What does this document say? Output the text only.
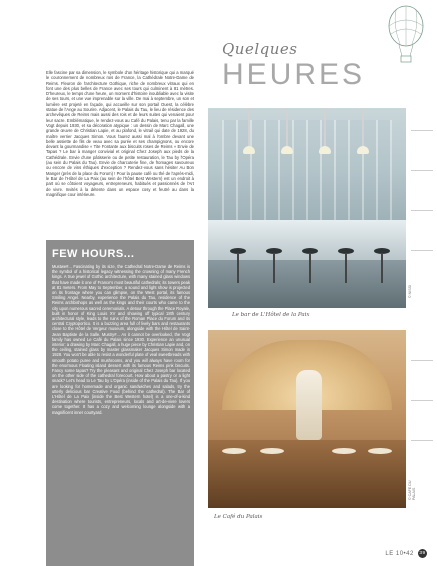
Quelques
HEURES
Elle fascine par sa dimension, le symbole d'un héritage historique qui a marqué le couronnement de nombreux rois de France, la Cathédrale Notre-Dame de Reims. Fleuron de l'architecture Gothique, riche de nombreux vitraux qui en font une des plus belles de France avec ses tours qui culminent à 81 mètres. D'heureux, le temps d'une heure, un moment d'histoire inoubliable avec la visite de ses tours, et une vue imprenable sur la ville. De mai à septembre, un son et lumière est projeté en façade, qui accueille sur son portail Ouest, la célèbre statue de l'Ange au Sourire. Adjacent, le Palais du Tau, le lieu de résidence des archevêques de Reims mais aussi des rois et de leurs suites qui venaient pour leur sacre. Emblématique, le rendez-vous au Café du Palais, tenu par la famille Vogt depuis 1930, et sa décoration atypique : un dessin de Marc Chagall, une grande œuvre de Christian Lapie, et au plafond, le vitrail qui date de 1928, du maître verrier Jacques Simon. Vous l'aurez aussi mal à l'ombre devant une belle assiette de fils de veau avec sa purée et ses champignons, ou encore devant la gourmandise « Tite Fontante aux biscuits roses de Reims » Envie de Tapas ? Le bar à manger convivial et original Chez Joseph aux pieds de la Cathédrale. Envie d'une pâtisserie ou de petite restauration, le Tau by l'Opéra (au sein du Palais du Tau). Envie de charcuterie fine, de fromages savoureux ou encore de vins éthiques d'exception ? Rendez-vous sans hésiter Au Bon Manger (près de la place du Forum) ! Pour la pause café ou thé de l'après-midi, le Bar de l'Hôtel de La Paix (au sein de l'hôtel Best Western) est un endroit à part où se côtoient voyageurs, entrepreneurs, habitués et passionnés de l'Art de vivre. Invités à la détente dans un espace cosy et feutré au dans la magnifique cour intérieure.
FEW HOURS...
Mustwe#... Fascinating by its size, the Cathedral Notre-Dame de Reims is the symbol of a historical legacy witnessing the crowning of many French kings. A true jewel of Gothic architecture, with many stained glass windows that have made it one of France's most beautiful cathedrals; its towers peak at 81 meters. From May to September, a sound and light show is projected on its frontage where you can glimpse, on the West portal, its famous Smiling Angel. Nearby, experience the Palais du Tau, residence of the Reims archbishops as well as the kings and their courts who came to the city upon numerous sacred ceremonials. A detour through the Place Royale, built in honor of King Louis XV and showing off typical 18th century architectural style, leads to the ruins of the Roman Place du Forum and its central Cryptoportico. It is a buzzing area full of lively bars and restaurants close to the Hôtel de Vergeur museum, alongside with the Hôtel de Saint-Jean Baptiste de la Salle. Mustry#... As it cannot be overlooked, the Vogt family has owned Le Café du Palais since 1930. Experience an unusual interior: a drawing by Marc Chagall, a huge piece by Christian Lapie and, on the ceiling, stained glass by master glassmaker Jacques Simon made in 1928. You won't be able to resist a wonderful plate of veal sweetbreads with smooth potato puree and mushrooms, and you will always have room for the enormous Floating island dessert with its famous Reims pink biscuits. Fancy some tapas? Try the pleasant and original Chez Joseph bar located on the other side of the cathedral forecourt. How about a pastry or a light snack? Let's head to Le Tau by L'Opéra (inside of the Palais du Tau). If you are looking for homemade and organic sandwiches and salads, try the utterly delicious bar Creative Food (behind the cathedral). The Bar of L'Hôtel de La Paix (inside the Best Western hotel) is a one-of-a-kind destination where tourists, entrepreneurs, locals and art-de-vivre lovers come together. It has a cozy and welcoming lounge alongside with a magnificent inner courtyard.
Le bar de L'Hôtel de la Paix
© NISSI
Le Café du Palais
© CAFE DU PALAIS
LE 10•42 39
